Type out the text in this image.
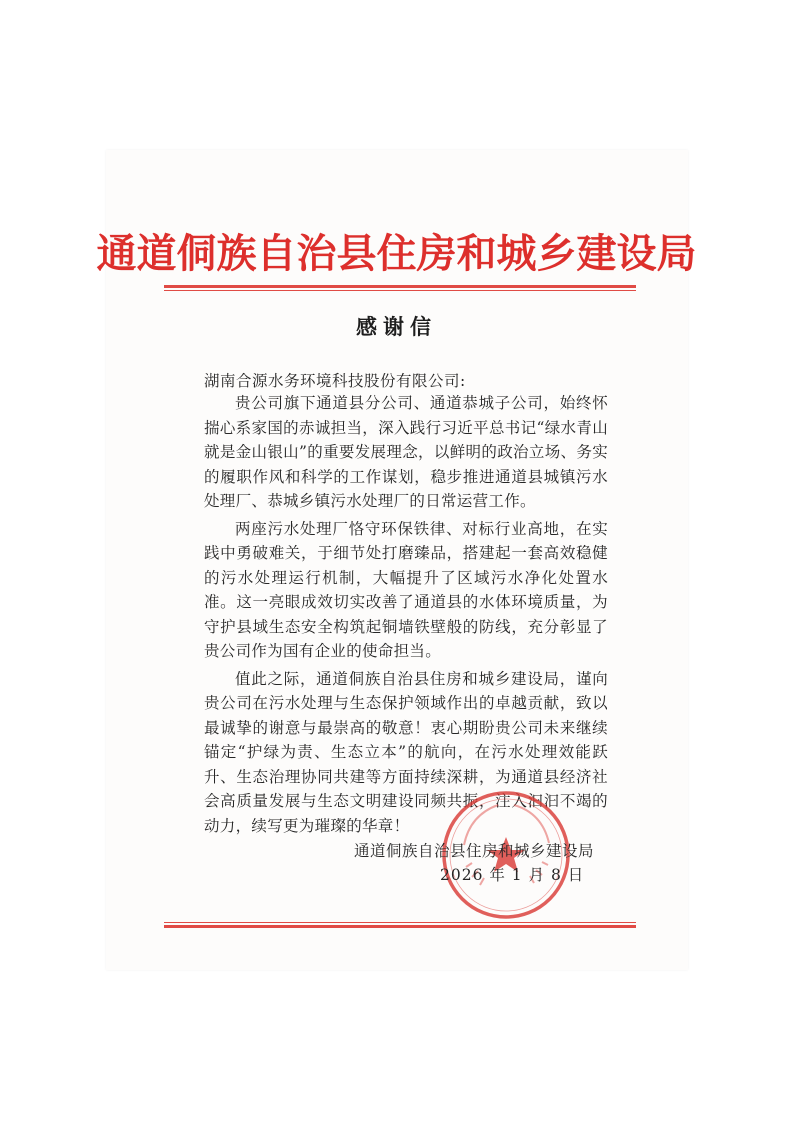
通道侗族自治县住房和城乡建设局
感谢信
湖南合源水务环境科技股份有限公司:

贵公司旗下通道县分公司、通道恭城子公司，始终怀揣心系家国的赤诚担当，深入践行习近平总书记“绿水青山就是金山银山”的重要发展理念，以鲜明的政治立场、务实的履职作风和科学的工作谋划，稳步推进通道县城镇污水处理厂、恭城乡镇污水处理厂的日常运营工作。

两座污水处理厂恪守环保铁律、对标行业高地，在实践中勇破难关，于细节处打磨臻品，搭建起一套高效稳健的污水处理运行机制，大幅提升了区域污水净化处置水准。这一亮眼成效切实改善了通道县的水体环境质量，为守护县域生态安全构筑起铜墙铁壁般的防线，充分彰显了贵公司作为国有企业的使命担当。

值此之际，通道侗族自治县住房和城乡建设局，谨向贵公司在污水处理与生态保护领域作出的卓越贡献，致以最诚挚的谢意与最崇高的敬意！衷心期盼贵公司未来继续锚定“护绿为责、生态立本”的航向，在污水处理效能跃升、生态治理协同共建等方面持续深耕，为通道县经济社会高质量发展与生态文明建设同频共振，注入汩汩不竭的动力，续写更为璀璨的华章！

通道侗族自治县住房和城乡建设局
2026 年 1 月 8 日
